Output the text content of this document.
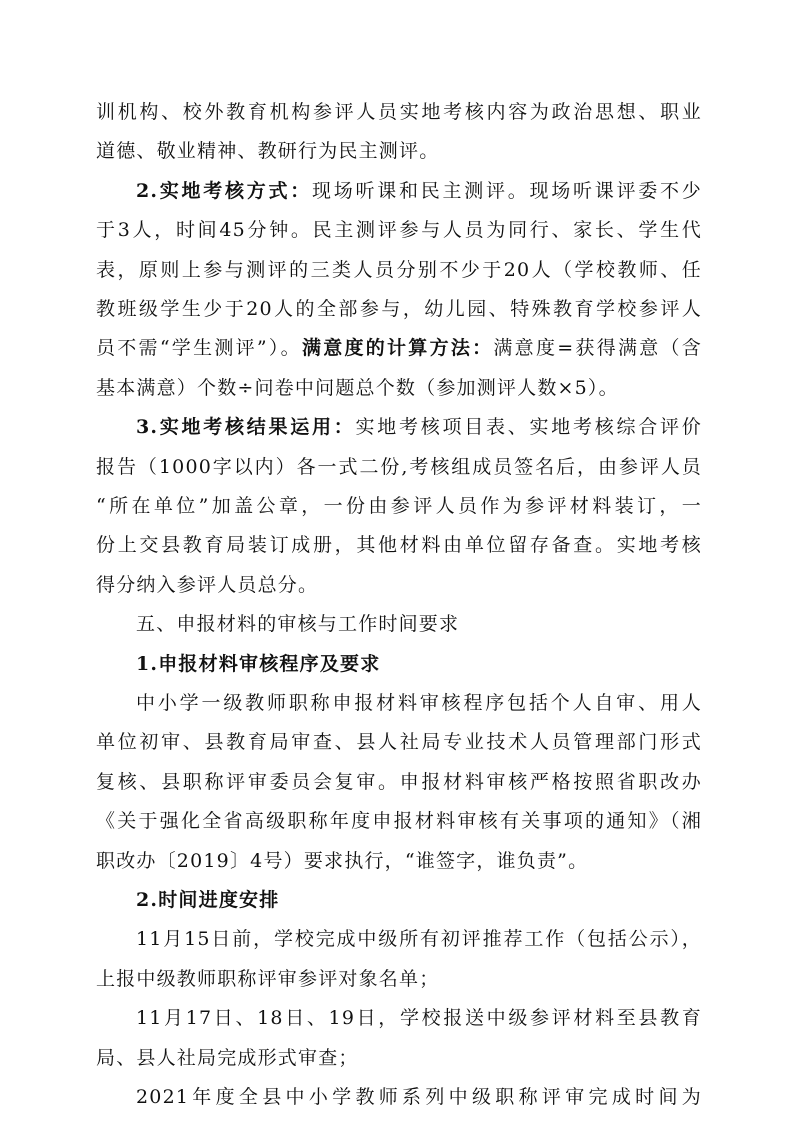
训机构、校外教育机构参评人员实地考核内容为政治思想、职业
道德、敬业精神、教研行为民主测评。
2.实地考核方式：现场听课和民主测评。现场听课评委不少
于3人，时间45分钟。民主测评参与人员为同行、家长、学生代
表，原则上参与测评的三类人员分别不少于20人（学校教师、任
教班级学生少于20人的全部参与，幼儿园、特殊教育学校参评人
员不需“学生测评”）。满意度的计算方法：满意度=获得满意（含
基本满意）个数÷问卷中问题总个数（参加测评人数×5）。
3.实地考核结果运用：实地考核项目表、实地考核综合评价
报告（1000字以内）各一式二份,考核组成员签名后，由参评人员
“所在单位”加盖公章，一份由参评人员作为参评材料装订，一
份上交县教育局装订成册，其他材料由单位留存备查。实地考核
得分纳入参评人员总分。
五、申报材料的审核与工作时间要求
1.申报材料审核程序及要求
中小学一级教师职称申报材料审核程序包括个人自审、用人
单位初审、县教育局审查、县人社局专业技术人员管理部门形式
复核、县职称评审委员会复审。申报材料审核严格按照省职改办
《关于强化全省高级职称年度申报材料审核有关事项的通知》（湘
职改办〔2019〕4号）要求执行，“谁签字，谁负责”。
2.时间进度安排
11月15日前，学校完成中级所有初评推荐工作（包括公示），
上报中级教师职称评审参评对象名单；
11月17日、18日、19日，学校报送中级参评材料至县教育
局、县人社局完成形式审查；
2021年度全县中小学教师系列中级职称评审完成时间为
